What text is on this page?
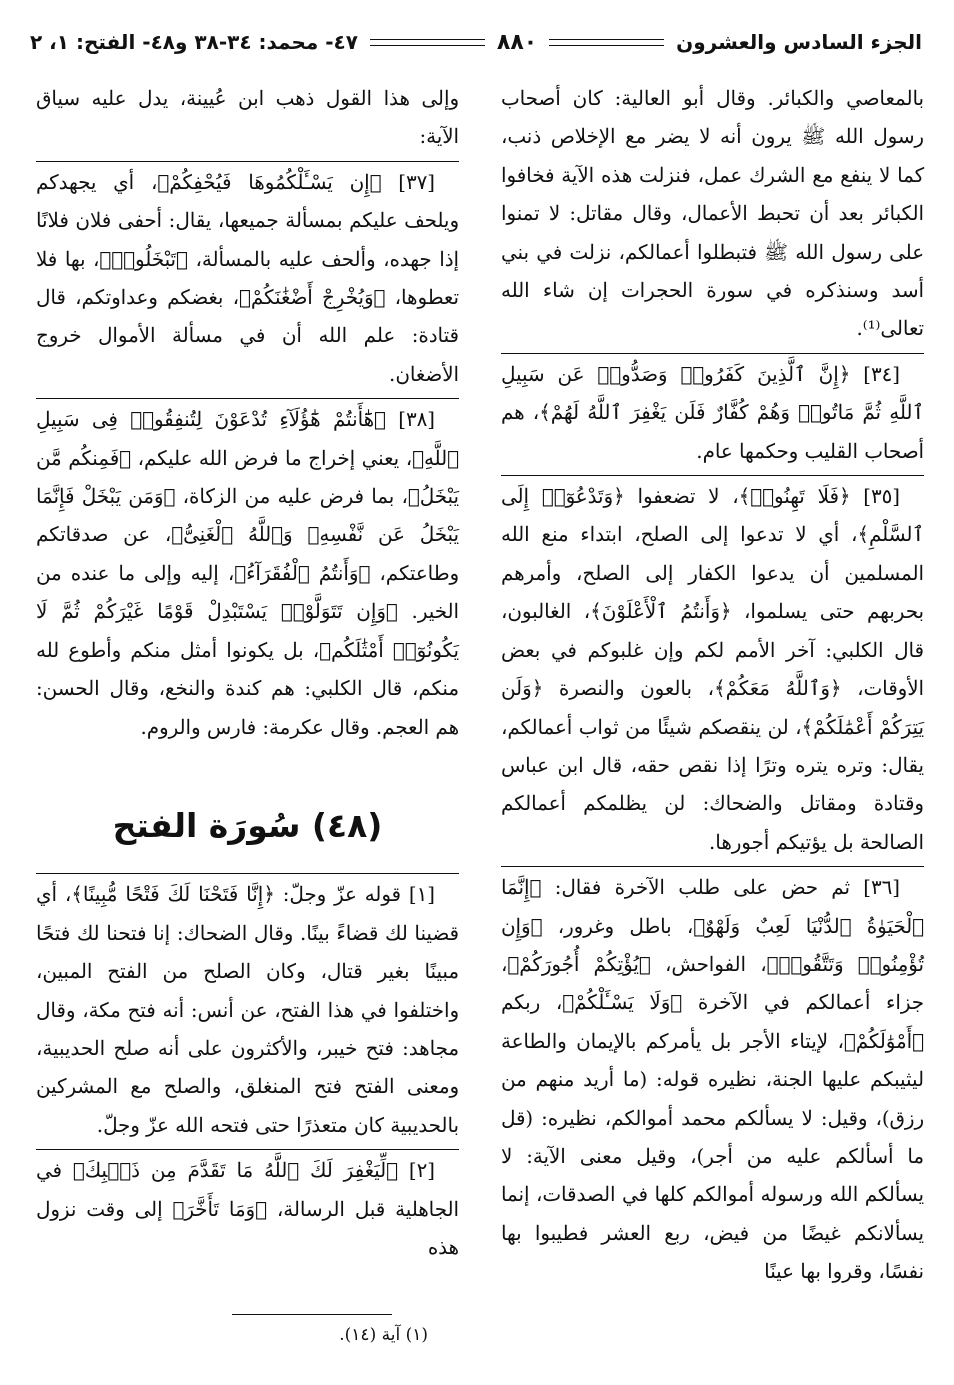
الجزء السادس والعشرون
٨٨٠
٤٧- محمد: ٣٤-٣٨ و٤٨- الفتح: ١، ٢

بالمعاصي والكبائر. وقال أبو العالية: كان أصحاب رسول الله ﷺ يرون أنه لا يضر مع الإخلاص ذنب، كما لا ينفع مع الشرك عمل، فنزلت هذه الآية فخافوا الكبائر بعد أن تحبط الأعمال، وقال مقاتل: لا تمنوا على رسول الله ﷺ فتبطلوا أعمالكم، نزلت في بني أسد وسنذكره في سورة الحجرات إن شاء الله تعالى⁽¹⁾.

[٣٤] ﴿إِنَّ ٱلَّذِينَ كَفَرُوا۟ وَصَدُّوا۟ عَن سَبِيلِ ٱللَّهِ ثُمَّ مَاتُوا۟ وَهُمْ كُفَّارٌ فَلَن يَغْفِرَ ٱللَّهُ لَهُمْ﴾، هم أصحاب القليب وحكمها عام.

[٣٥] ﴿فَلَا تَهِنُوا۟﴾، لا تضعفوا ﴿وَتَدْعُوٓا۟ إِلَى ٱلسَّلْمِ﴾، أي لا تدعوا إلى الصلح، ابتداء منع الله المسلمين أن يدعوا الكفار إلى الصلح، وأمرهم بحربهم حتى يسلموا، ﴿وَأَنتُمُ ٱلْأَعْلَوْنَ﴾، الغالبون، قال الكلبي: آخر الأمم لكم وإن غلبوكم في بعض الأوقات، ﴿وَٱللَّهُ مَعَكُمْ﴾، بالعون والنصرة ﴿وَلَن يَتِرَكُمْ أَعْمَٰلَكُمْ﴾، لن ينقصكم شيئًا من ثواب أعمالكم، يقال: وتره يتره وترًا إذا نقص حقه، قال ابن عباس وقتادة ومقاتل والضحاك: لن يظلمكم أعمالكم الصالحة بل يؤتيكم أجورها.

[٣٦] ثم حض على طلب الآخرة فقال: ﴿إِنَّمَا ٱلْحَيَوٰةُ ٱلدُّنْيَا لَعِبٌ وَلَهْوٌ﴾، باطل وغرور، ﴿وَإِن تُؤْمِنُوا۟ وَتَتَّقُوا۟﴾، الفواحش، ﴿يُؤْتِكُمْ أُجُورَكُمْ﴾، جزاء أعمالكم في الآخرة ﴿وَلَا يَسْـَٔلْكُمْ﴾، ربكم ﴿أَمْوَٰلَكُمْ﴾، لإيتاء الأجر بل يأمركم بالإيمان والطاعة ليثيبكم عليها الجنة، نظيره قوله: (ما أريد منهم من رزق)، وقيل: لا يسألكم محمد أموالكم، نظيره: (قل ما أسألكم عليه من أجر)، وقيل معنى الآية: لا يسألكم الله ورسوله أموالكم كلها في الصدقات، إنما يسألانكم غيضًا من فيض، ربع العشر فطيبوا بها نفسًا، وقروا بها عينًا

وإلى هذا القول ذهب ابن عُيينة، يدل عليه سياق الآية:

[٣٧] ﴿إِن يَسْـَٔلْكُمُوهَا فَيُحْفِكُمْ﴾، أي يجهدكم ويلحف عليكم بمسألة جميعها، يقال: أحفى فلان فلانًا إذا جهده، وألحف عليه بالمسألة، ﴿تَبْخَلُوا۟﴾، بها فلا تعطوها، ﴿وَيُخْرِجْ أَضْغَٰنَكُمْ﴾، بغضكم وعداوتكم، قال قتادة: علم الله أن في مسألة الأموال خروج الأضغان.

[٣٨] ﴿هَٰٓأَنتُمْ هَٰٓؤُلَآءِ تُدْعَوْنَ لِتُنفِقُوا۟ فِى سَبِيلِ ٱللَّهِ﴾، يعني إخراج ما فرض الله عليكم، ﴿فَمِنكُم مَّن يَبْخَلُ﴾، بما فرض عليه من الزكاة، ﴿وَمَن يَبْخَلْ فَإِنَّمَا يَبْخَلُ عَن نَّفْسِهِۦ وَٱللَّهُ ٱلْغَنِىُّ﴾، عن صدقاتكم وطاعتكم، ﴿وَأَنتُمُ ٱلْفُقَرَآءُ﴾، إليه وإلى ما عنده من الخير. ﴿وَإِن تَتَوَلَّوْا۟ يَسْتَبْدِلْ قَوْمًا غَيْرَكُمْ ثُمَّ لَا يَكُونُوٓا۟ أَمْثَٰلَكُم﴾، بل يكونوا أمثل منكم وأطوع لله منكم، قال الكلبي: هم كندة والنخع، وقال الحسن: هم العجم. وقال عكرمة: فارس والروم.

(٤٨) سُورَة الفتح

[١] قوله عزّ وجلّ: ﴿إِنَّا فَتَحْنَا لَكَ فَتْحًا مُّبِينًا﴾، أي قضينا لك قضاءً بينًا. وقال الضحاك: إنا فتحنا لك فتحًا مبينًا بغير قتال، وكان الصلح من الفتح المبين، واختلفوا في هذا الفتح، عن أنس: أنه فتح مكة، وقال مجاهد: فتح خيبر، والأكثرون على أنه صلح الحديبية، ومعنى الفتح فتح المنغلق، والصلح مع المشركين بالحديبية كان متعذرًا حتى فتحه الله عزّ وجلّ.

[٢] ﴿لِّيَغْفِرَ لَكَ ٱللَّهُ مَا تَقَدَّمَ مِن ذَنۢبِكَ﴾ في الجاهلية قبل الرسالة، ﴿وَمَا تَأَخَّرَ﴾ إلى وقت نزول هذه

(١) آية (١٤).
